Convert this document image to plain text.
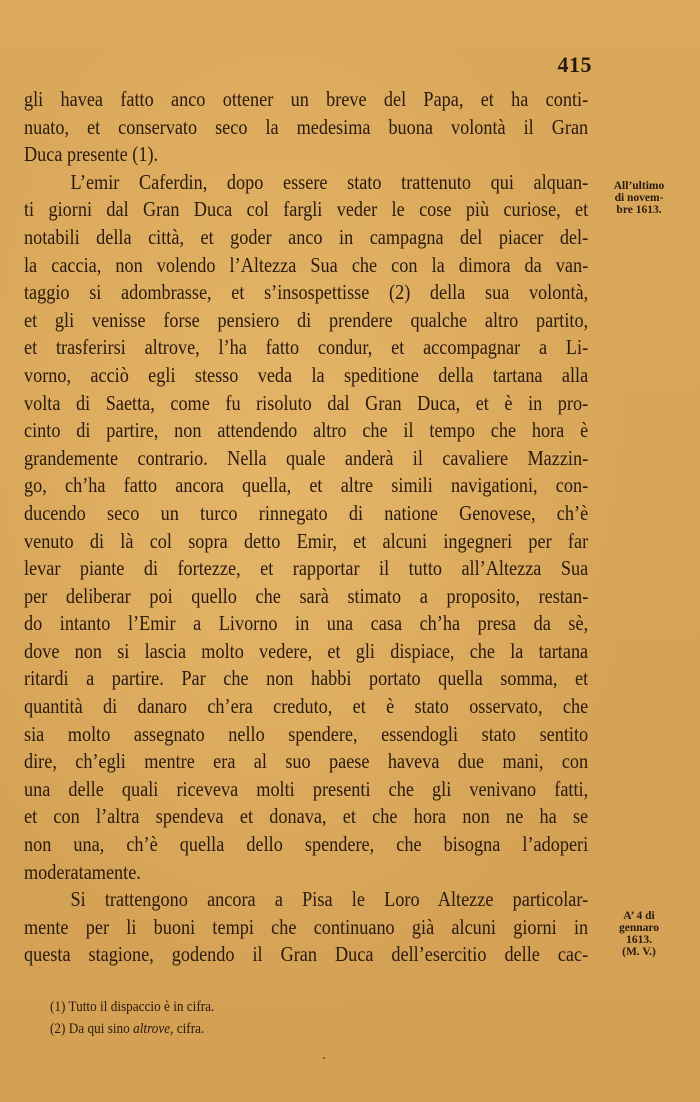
415
gli havea fatto anco ottener un breve del Papa, et ha conti-
nuato, et conservato seco la medesima buona volontà il Gran
Duca presente (1).
L’emir Caferdin, dopo essere stato trattenuto qui alquan-
ti giorni dal Gran Duca col fargli veder le cose più curiose, et
notabili della città, et goder anco in campagna del piacer del-
la caccia, non volendo l’Altezza Sua che con la dimora da van-
taggio si adombrasse, et s’insospettisse (2) della sua volontà,
et gli venisse forse pensiero di prendere qualche altro partito,
et trasferirsi altrove, l’ha fatto condur, et accompagnar a Li-
vorno, acciò egli stesso veda la speditione della tartana alla
volta di Saetta, come fu risoluto dal Gran Duca, et è in pro-
cinto di partire, non attendendo altro che il tempo che hora è
grandemente contrario. Nella quale anderà il cavaliere Mazzin-
go, ch’ha fatto ancora quella, et altre simili navigationi, con-
ducendo seco un turco rinnegato di natione Genovese, ch’è
venuto di là col sopra detto Emir, et alcuni ingegneri per far
levar piante di fortezze, et rapportar il tutto all’Altezza Sua
per deliberar poi quello che sarà stimato a proposito, restan-
do intanto l’Emir a Livorno in una casa ch’ha presa da sè,
dove non si lascia molto vedere, et gli dispiace, che la tartana
ritardi a partire. Par che non habbi portato quella somma, et
quantità di danaro ch’era creduto, et è stato osservato, che
sia molto assegnato nello spendere, essendogli stato sentito
dire, ch’egli mentre era al suo paese haveva due mani, con
una delle quali riceveva molti presenti che gli venivano fatti,
et con l’altra spendeva et donava, et che hora non ne ha se
non una, ch’è quella dello spendere, che bisogna l’adoperi
moderatamente.
Si trattengono ancora a Pisa le Loro Altezze particolar-
mente per li buoni tempi che continuano già alcuni giorni in
questa stagione, godendo il Gran Duca dell’esercitio delle cac-
All’ultimo
di novem-
bre 1613.
A’ 4 di
gennaro
1613.
(M. V.)
(1) Tutto il dispaccio è in cifra.
(2) Da qui sino altrove, cifra.
